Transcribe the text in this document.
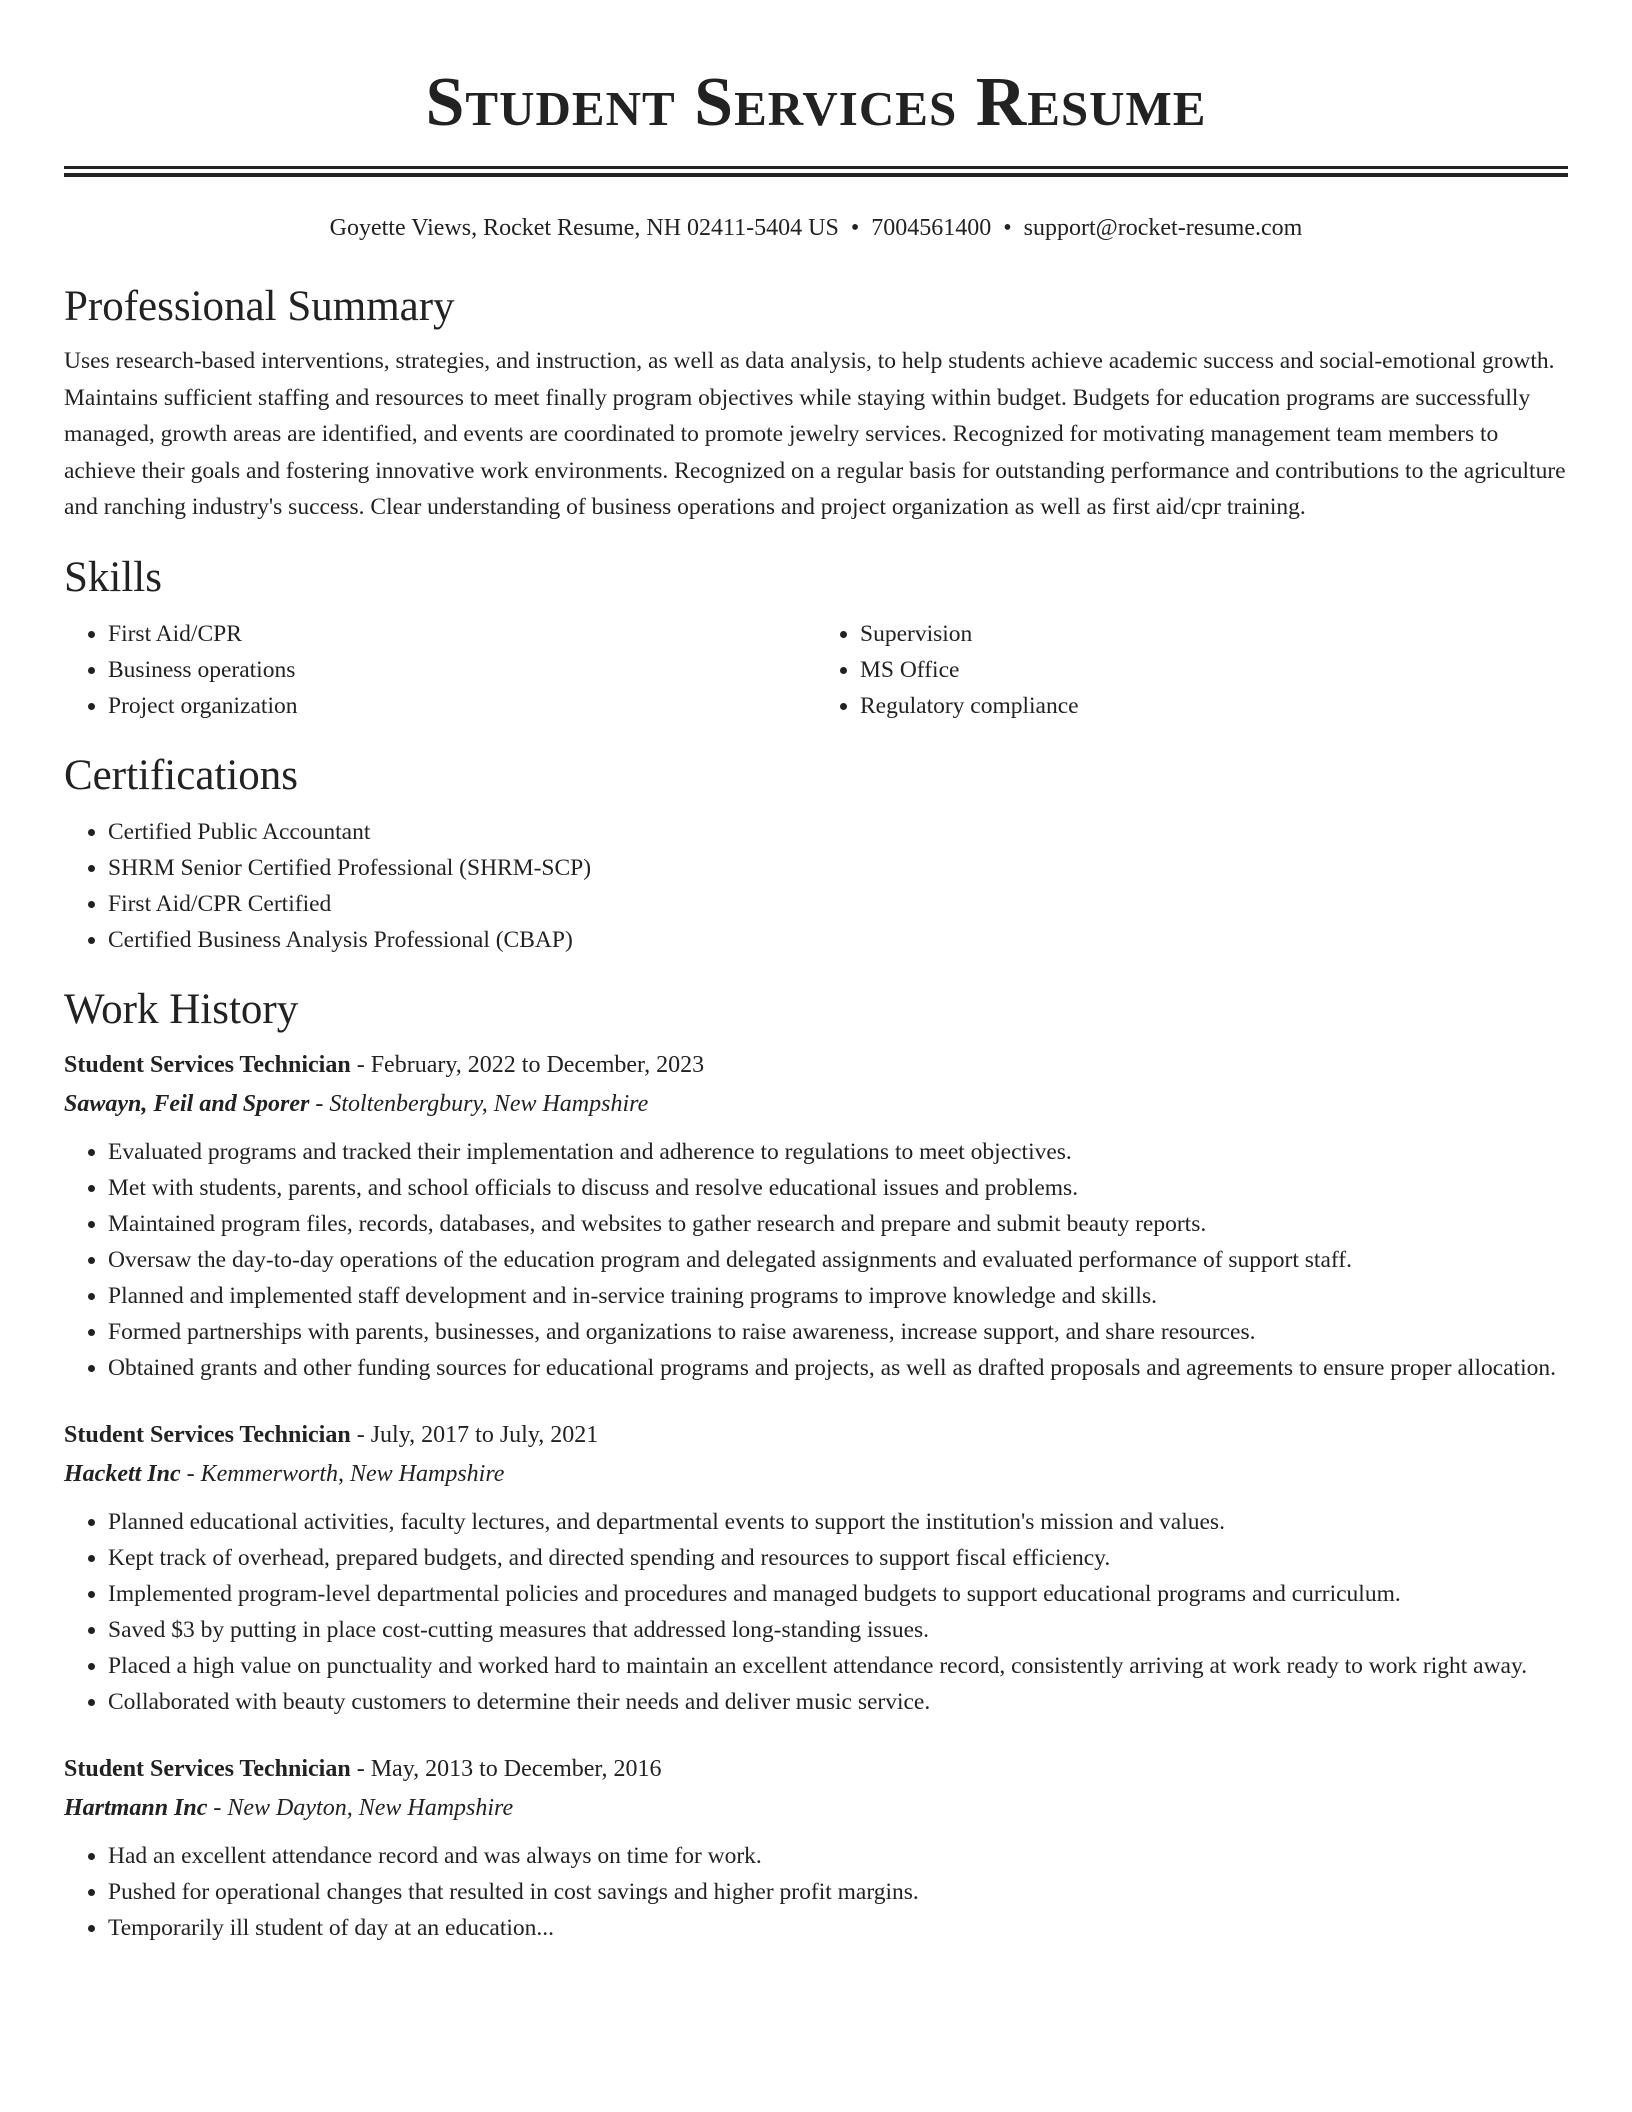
Student Services Resume
Goyette Views, Rocket Resume, NH 02411-5404 US • 7004561400 • support@rocket-resume.com
Professional Summary

Uses research-based interventions, strategies, and instruction, as well as data analysis, to help students achieve academic success and social-emotional growth. Maintains sufficient staffing and resources to meet finally program objectives while staying within budget. Budgets for education programs are successfully managed, growth areas are identified, and events are coordinated to promote jewelry services. Recognized for motivating management team members to achieve their goals and fostering innovative work environments. Recognized on a regular basis for outstanding performance and contributions to the agriculture and ranching industry's success. Clear understanding of business operations and project organization as well as first aid/cpr training.

Skills
• First Aid/CPR
• Business operations
• Project organization
• Supervision
• MS Office
• Regulatory compliance
Certifications
• Certified Public Accountant
• SHRM Senior Certified Professional (SHRM-SCP)
• First Aid/CPR Certified
• Certified Business Analysis Professional (CBAP)
Work History
Student Services Technician - February, 2022 to December, 2023
Sawayn, Feil and Sporer - Stoltenbergbury, New Hampshire
• Evaluated programs and tracked their implementation and adherence to regulations to meet objectives.
• Met with students, parents, and school officials to discuss and resolve educational issues and problems.
• Maintained program files, records, databases, and websites to gather research and prepare and submit beauty reports.
• Oversaw the day-to-day operations of the education program and delegated assignments and evaluated performance of support staff.
• Planned and implemented staff development and in-service training programs to improve knowledge and skills.
• Formed partnerships with parents, businesses, and organizations to raise awareness, increase support, and share resources.
• Obtained grants and other funding sources for educational programs and projects, as well as drafted proposals and agreements to ensure proper allocation.
Student Services Technician - July, 2017 to July, 2021
Hackett Inc - Kemmerworth, New Hampshire
• Planned educational activities, faculty lectures, and departmental events to support the institution's mission and values.
• Kept track of overhead, prepared budgets, and directed spending and resources to support fiscal efficiency.
• Implemented program-level departmental policies and procedures and managed budgets to support educational programs and curriculum.
• Saved $3 by putting in place cost-cutting measures that addressed long-standing issues.
• Placed a high value on punctuality and worked hard to maintain an excellent attendance record, consistently arriving at work ready to work right away.
• Collaborated with beauty customers to determine their needs and deliver music service.
Student Services Technician - May, 2013 to December, 2016
Hartmann Inc - New Dayton, New Hampshire
• Had an excellent attendance record and was always on time for work.
• Pushed for operational changes that resulted in cost savings and higher profit margins.
• Temporarily ill student of day at an education...
